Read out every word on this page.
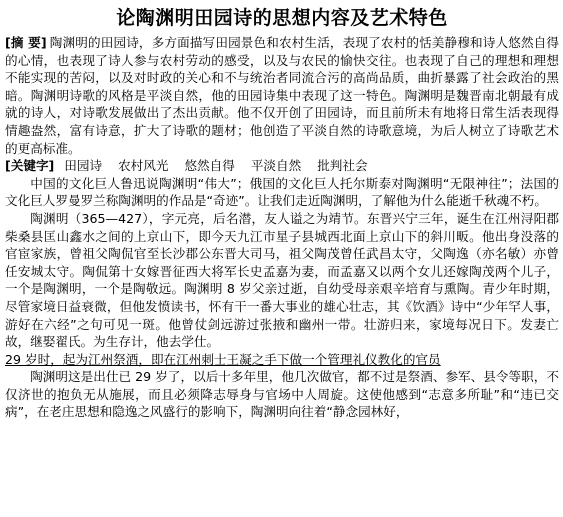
论陶渊明田园诗的思想内容及艺术特色

[摘 要] 陶渊明的田园诗，多方面描写田园景色和农村生活，表现了农村的恬美静穆和诗人悠然自得的心情，也表现了诗人参与农村劳动的感受，以及与农民的愉快交往。也表现了自己的理想和理想不能实现的苦闷，以及对时政的关心和不与统治者同流合污的高尚品质，曲折暴露了社会政治的黑暗。陶渊明诗歌的风格是平淡自然，他的田园诗集中表现了这一特色。陶渊明是魏晋南北朝最有成就的诗人，对诗歌发展做出了杰出贡献。他不仅开创了田园诗，而且前所未有地将日常生活表现得情趣盎然，富有诗意，扩大了诗歌的题材；他创造了平淡自然的诗歌意境，为后人树立了诗歌艺术的更高标准。

[关键字] 田园诗 农村风光 悠然自得 平淡自然 批判社会

中国的文化巨人鲁迅说陶渊明“伟大”；俄国的文化巨人托尔斯泰对陶渊明“无限神往”；法国的文化巨人罗曼罗兰称陶渊明的作品是“奇迹”。让我们走近陶渊明，了解他为什么能逝千秋魂不朽。

陶渊明（365—427），字元亮，后名潜，友人谥之为靖节。东晋兴宁三年，诞生在江州浔阳郡柴桑县匡山鑫水之间的上京山下，即今天九江市星子县城西北面上京山下的斜川畈。他出身没落的官宦家族，曾祖父陶侃官至长沙郡公东晋大司马，祖父陶茂曾任武昌太守，父陶逸（亦名敏）亦曾任安城太守。陶侃第十女嫁晋征西大将军长史孟嘉为妻，而孟嘉又以两个女儿还嫁陶茂两个儿子，一个是陶渊明，一个是陶敬远。陶渊明 8 岁父亲过逝，自幼受母亲艰辛培育与熏陶。青少年时期，尽管家境日益衰微，但他发愤读书，怀有干一番大事业的雄心壮志，其《饮酒》诗中“少年罕人事，游好在六经”之句可见一斑。他曾仗剑远游过张掖和幽州一带。壮游归来，家境每况日下。发妻亡故，继娶翟氏。为生存计，他去学仕。
29 岁时，起为江州祭酒，即在江州刺士王凝之手下做一个管理礼仪教化的官员

陶渊明这是出仕已 29 岁了，以后十多年里，他几次做官，都不过是祭酒、参军、县令等职，不仅济世的抱负无从施展，而且必须降志辱身与官场中人周旋。这使他感到“志意多所耻”和“违已交病”，在老庄思想和隐逸之风盛行的影响下，陶渊明向往着“静念园林好，
